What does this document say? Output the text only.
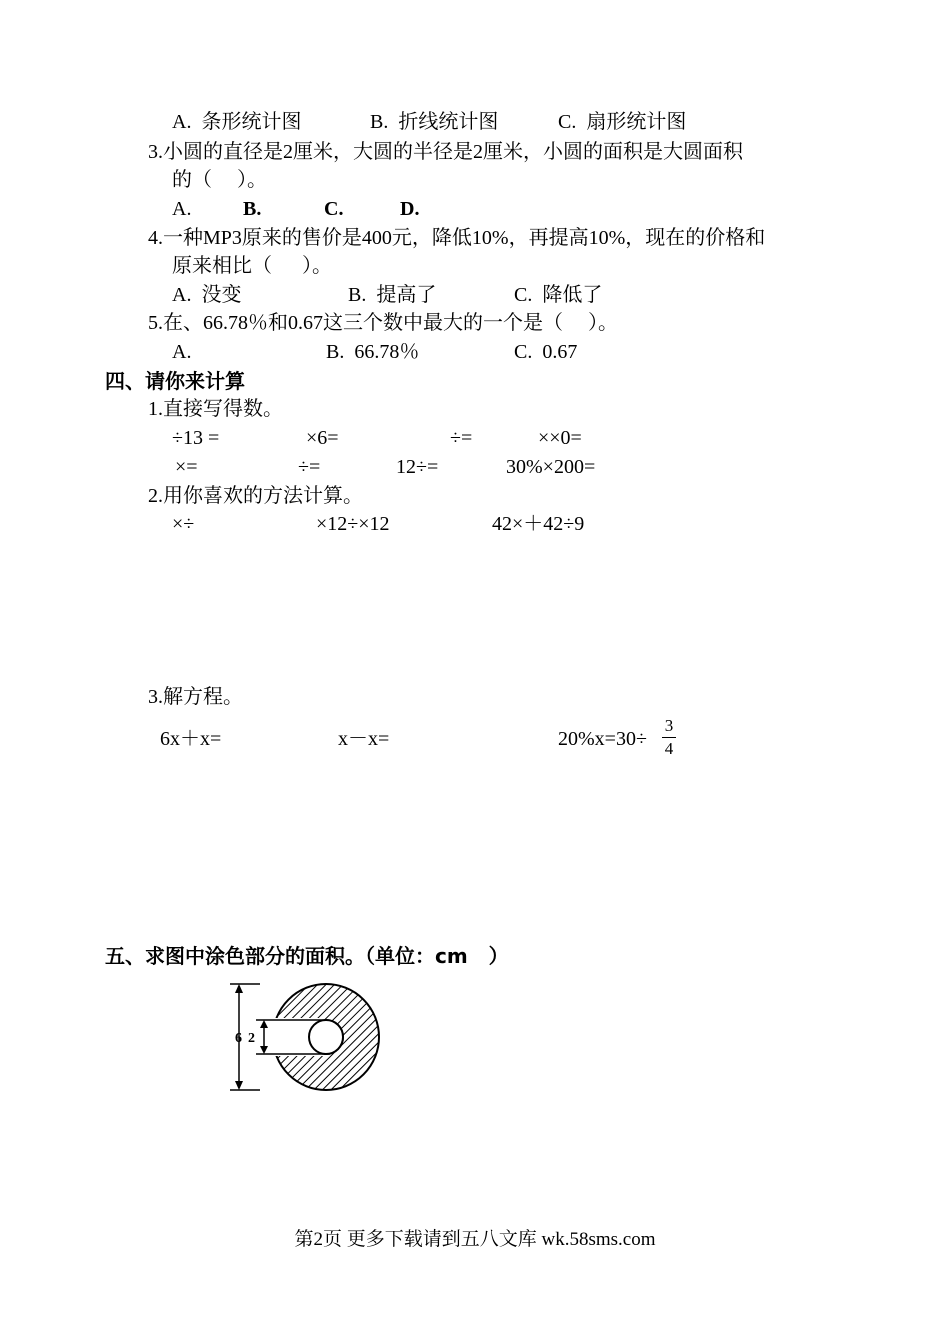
A.  条形统计图	B.  折线统计图	C.  扇形统计图
3.小圆的直径是2厘米，大圆的半径是2厘米，小圆的面积是大圆面积
的（     ）。
A.	B.	C.	D.
4.一种MP3原来的售价是400元，降低10%，再提高10%，现在的价格和
原来相比（      ）。
A.  没变	B.  提高了	C.  降低了
5.在、66.78％和0.67这三个数中最大的一个是（     ）。
A.	B.  66.78％	C.  0.67
四、请你来计算
1.直接写得数。
÷13 =	×6=	÷=	××0=
×=	÷=	12÷=	30%×200=
2.用你喜欢的方法计算。
×÷	×12÷×12	42×＋42÷9
3.解方程。
6x＋x=	x－x=	20%x=30÷
3
4
五、求图中涂色部分的面积。（单位：cm   ）
6 2
第2页 更多下载请到五八文库 wk.58sms.com
